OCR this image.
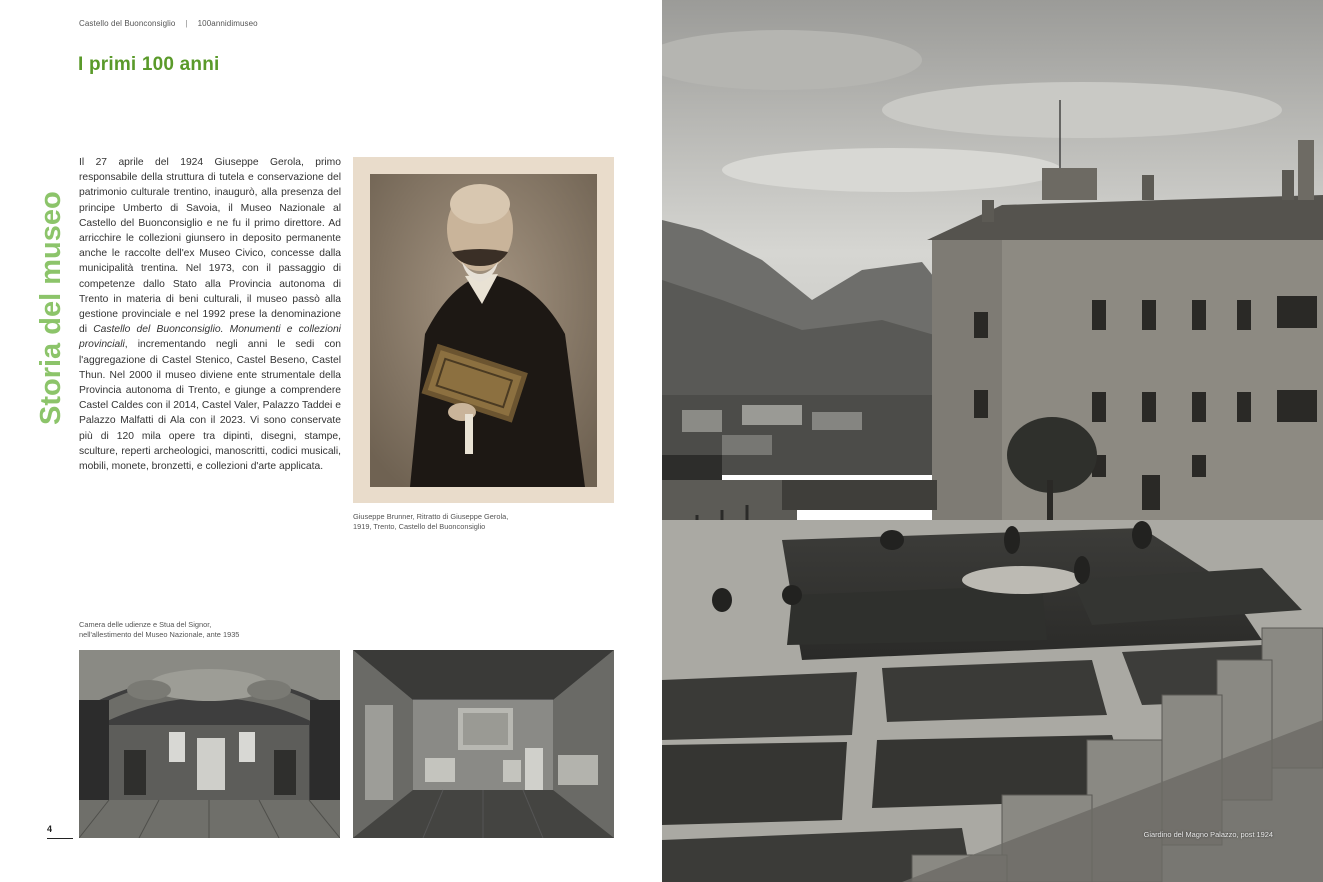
Castello del Buonconsiglio | 100annidimuseo
I primi 100 anni
Storia del museo

Il 27 aprile del 1924 Giuseppe Gerola, primo responsabile della struttura di tutela e conservazione del patrimonio culturale trentino, inaugurò, alla presenza del principe Umberto di Savoia, il Museo Nazionale al Castello del Buonconsiglio e ne fu il primo direttore. Ad arricchire le collezioni giunsero in deposito permanente anche le raccolte dell'ex Museo Civico, concesse dalla municipalità trentina. Nel 1973, con il passaggio di competenze dallo Stato alla Provincia autonoma di Trento in materia di beni culturali, il museo passò alla gestione provinciale e nel 1992 prese la denominazione di Castello del Buonconsiglio. Monumenti e collezioni provinciali, incrementando negli anni le sedi con l'aggregazione di Castel Stenico, Castel Beseno, Castel Thun. Nel 2000 il museo diviene ente strumentale della Provincia autonoma di Trento, e giunge a comprendere Castel Caldes con il 2014, Castel Valer, Palazzo Taddei e Palazzo Malfatti di Ala con il 2023. Vi sono conservate più di 120 mila opere tra dipinti, disegni, stampe, sculture, reperti archeologici, manoscritti, codici musicali, mobili, monete, bronzetti, e collezioni d'arte applicata.

Giuseppe Brunner, Ritratto di Giuseppe Gerola,
1919, Trento, Castello del Buonconsiglio
Camera delle udienze e Stua del Signor,
nell'allestimento del Museo Nazionale, ante 1935
4
Giardino del Magno Palazzo, post 1924
